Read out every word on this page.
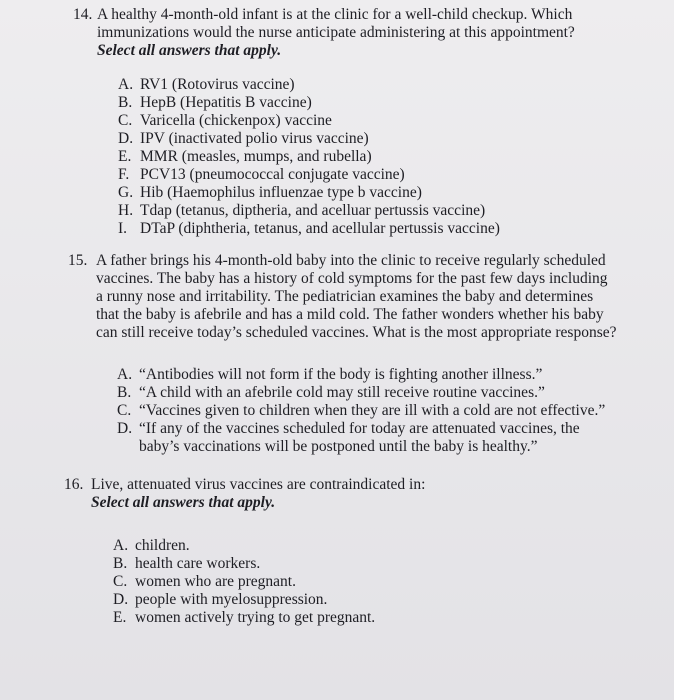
14. A healthy 4-month-old infant is at the clinic for a well-child checkup. Which
immunizations would the nurse anticipate administering at this appointment?
Select all answers that apply.
A. RV1 (Rotovirus vaccine)
B. HepB (Hepatitis B vaccine)
C. Varicella (chickenpox) vaccine
D. IPV (inactivated polio virus vaccine)
E. MMR (measles, mumps, and rubella)
F. PCV13 (pneumococcal conjugate vaccine)
G. Hib (Haemophilus influenzae type b vaccine)
H. Tdap (tetanus, diptheria, and acelluar pertussis vaccine)
I. DTaP (diphtheria, tetanus, and acellular pertussis vaccine)
15. A father brings his 4-month-old baby into the clinic to receive regularly scheduled
vaccines. The baby has a history of cold symptoms for the past few days including
a runny nose and irritability. The pediatrician examines the baby and determines
that the baby is afebrile and has a mild cold. The father wonders whether his baby
can still receive today’s scheduled vaccines. What is the most appropriate response?
A. “Antibodies will not form if the body is fighting another illness.”
B. “A child with an afebrile cold may still receive routine vaccines.”
C. “Vaccines given to children when they are ill with a cold are not effective.”
D. “If any of the vaccines scheduled for today are attenuated vaccines, the
baby’s vaccinations will be postponed until the baby is healthy.”
16. Live, attenuated virus vaccines are contraindicated in:
Select all answers that apply.
A. children.
B. health care workers.
C. women who are pregnant.
D. people with myelosuppression.
E. women actively trying to get pregnant.
